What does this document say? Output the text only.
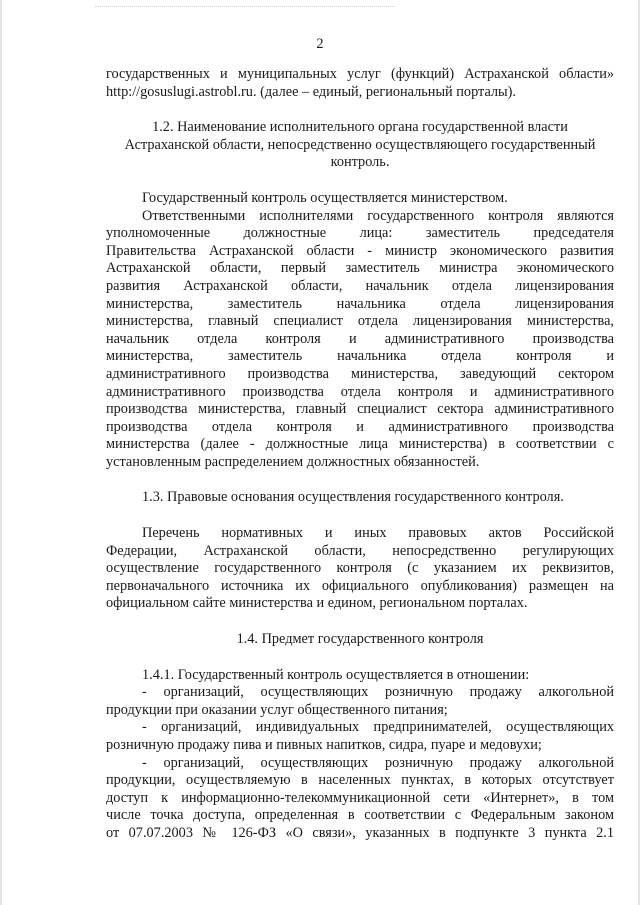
2

государственных и муниципальных услуг (функций) Астраханской области»
http://gosuslugi.astrobl.ru. (далее – единый, региональный порталы).

1.2. Наименование исполнительного органа государственной власти
Астраханской области, непосредственно осуществляющего государственный
контроль.

Государственный контроль осуществляется министерством.

Ответственными исполнителями государственного контроля являются
уполномоченные должностные лица: заместитель председателя
Правительства Астраханской области - министр экономического развития
Астраханской области, первый заместитель министра экономического
развития Астраханской области, начальник отдела лицензирования
министерства, заместитель начальника отдела лицензирования
министерства, главный специалист отдела лицензирования министерства,
начальник отдела контроля и административного производства
министерства, заместитель начальника отдела контроля и
административного производства министерства, заведующий сектором
административного производства отдела контроля и административного
производства министерства, главный специалист сектора административного
производства отдела контроля и административного производства
министерства (далее - должностные лица министерства) в соответствии с
установленным распределением должностных обязанностей.

1.3. Правовые основания осуществления государственного контроля.

Перечень нормативных и иных правовых актов Российской
Федерации, Астраханской области, непосредственно регулирующих
осуществление государственного контроля (с указанием их реквизитов,
первоначального источника их официального опубликования) размещен на
официальном сайте министерства и едином, региональном порталах.

1.4. Предмет государственного контроля

1.4.1. Государственный контроль осуществляется в отношении:

- организаций, осуществляющих розничную продажу алкогольной
продукции при оказании услуг общественного питания;

- организаций, индивидуальных предпринимателей, осуществляющих
розничную продажу пива и пивных напитков, сидра, пуаре и медовухи;

- организаций, осуществляющих розничную продажу алкогольной
продукции, осуществляемую в населенных пунктах, в которых отсутствует
доступ к информационно-телекоммуникационной сети «Интернет», в том
числе точка доступа, определенная в соответствии с Федеральным законом
от 07.07.2003 № 126-ФЗ «О связи», указанных в подпункте 3 пункта 2.1
